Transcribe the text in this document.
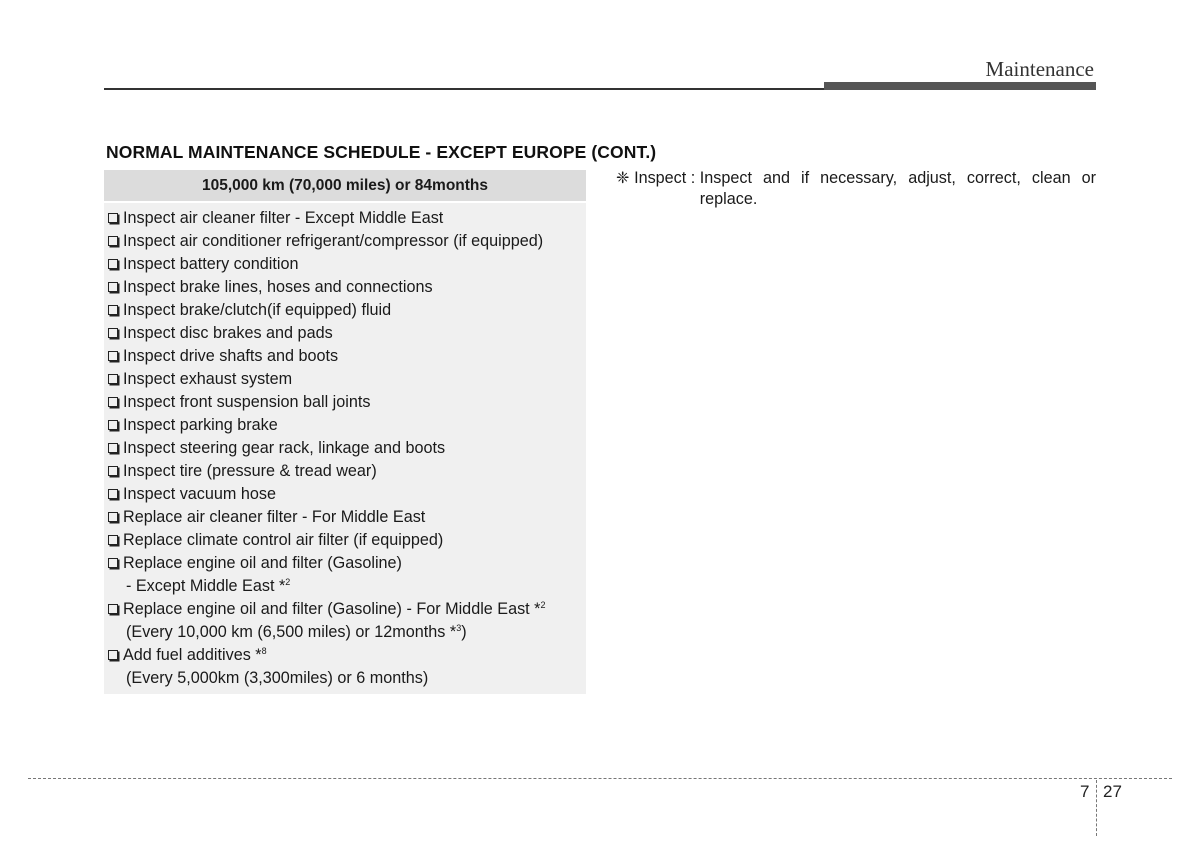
Maintenance
NORMAL MAINTENANCE SCHEDULE - EXCEPT EUROPE (CONT.)
105,000 km (70,000 miles) or 84months
Inspect air cleaner filter - Except Middle East
Inspect air conditioner refrigerant/compressor (if equipped)
Inspect battery condition
Inspect brake lines, hoses and connections
Inspect brake/clutch(if equipped) fluid
Inspect disc brakes and pads
Inspect drive shafts and boots
Inspect exhaust system
Inspect front suspension ball joints
Inspect parking brake
Inspect steering gear rack, linkage and boots
Inspect tire (pressure & tread wear)
Inspect vacuum hose
Replace air cleaner filter - For Middle East
Replace climate control air filter (if equipped)
Replace engine oil and filter (Gasoline)
- Except Middle East *$^2$
Replace engine oil and filter (Gasoline) - For Middle East *$^2$
(Every 10,000 km (6,500 miles) or 12months *$^3$)
Add fuel additives *$^8$
(Every 5,000km (3,300miles) or 6 months)
❈ Inspect : Inspect and if necessary, adjust, correct, clean or replace.
7 27
